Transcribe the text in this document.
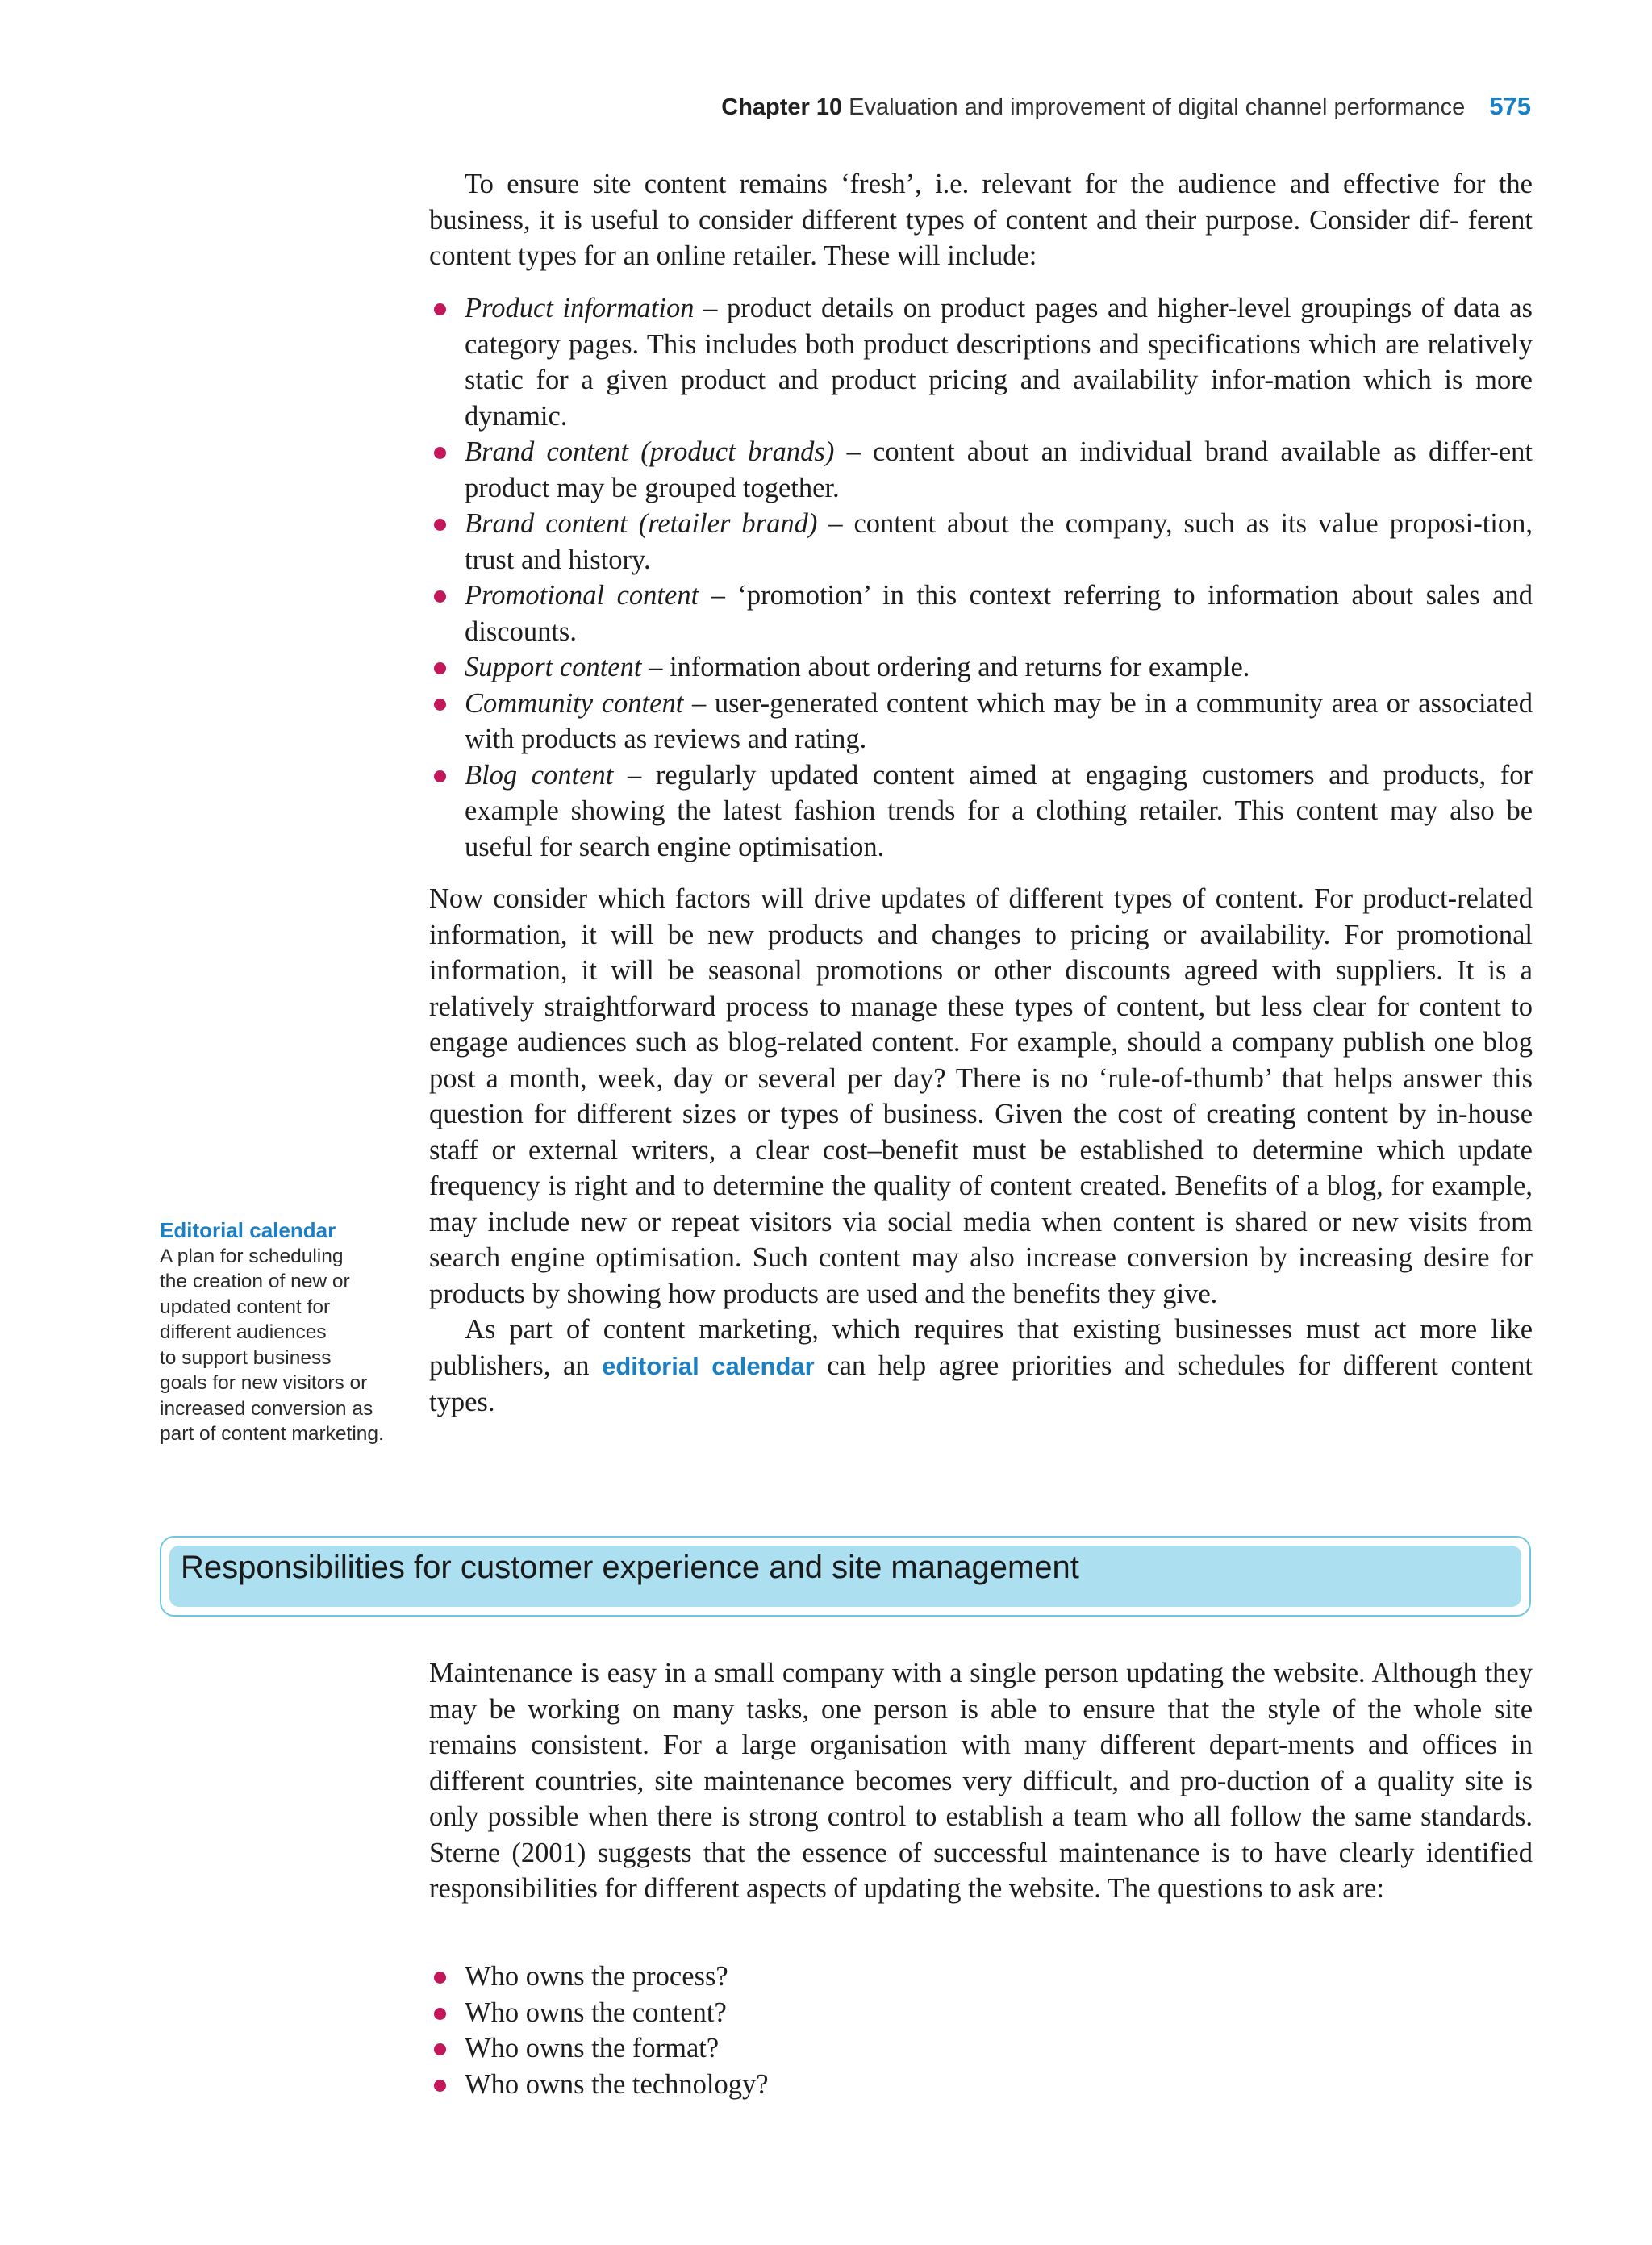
Chapter 10 Evaluation and improvement of digital channel performance 575

To ensure site content remains ‘fresh’, i.e. relevant for the audience and effective for the business, it is useful to consider different types of content and their purpose. Consider dif- ferent content types for an online retailer. These will include:

Product information – product details on product pages and higher-level groupings of data as category pages. This includes both product descriptions and specifications which are relatively static for a given product and product pricing and availability infor-mation which is more dynamic.
Brand content (product brands) – content about an individual brand available as differ-ent product may be grouped together.
Brand content (retailer brand) – content about the company, such as its value proposi-tion, trust and history.
Promotional content – ‘promotion’ in this context referring to information about sales and discounts.
Support content – information about ordering and returns for example.
Community content – user-generated content which may be in a community area or associated with products as reviews and rating.
Blog content – regularly updated content aimed at engaging customers and products, for example showing the latest fashion trends for a clothing retailer. This content may also be useful for search engine optimisation.

Now consider which factors will drive updates of different types of content. For product-related information, it will be new products and changes to pricing or availability. For promotional information, it will be seasonal promotions or other discounts agreed with suppliers. It is a relatively straightforward process to manage these types of content, but less clear for content to engage audiences such as blog-related content. For example, should a company publish one blog post a month, week, day or several per day? There is no ‘rule-of-thumb’ that helps answer this question for different sizes or types of business. Given the cost of creating content by in-house staff or external writers, a clear cost–benefit must be established to determine which update frequency is right and to determine the quality of content created. Benefits of a blog, for example, may include new or repeat visitors via social media when content is shared or new visits from search engine optimisation. Such content may also increase conversion by increasing desire for products by showing how products are used and the benefits they give.

As part of content marketing, which requires that existing businesses must act more like publishers, an editorial calendar can help agree priorities and schedules for different content types.

Editorial calendar
A plan for scheduling
the creation of new or
updated content for
different audiences
to support business
goals for new visitors or
increased conversion as
part of content marketing.
Responsibilities for customer experience and site management

Maintenance is easy in a small company with a single person updating the website. Although they may be working on many tasks, one person is able to ensure that the style of the whole site remains consistent. For a large organisation with many different depart-ments and offices in different countries, site maintenance becomes very difficult, and pro-duction of a quality site is only possible when there is strong control to establish a team who all follow the same standards. Sterne (2001) suggests that the essence of successful maintenance is to have clearly identified responsibilities for different aspects of updating the website. The questions to ask are:

Who owns the process?
Who owns the content?
Who owns the format?
Who owns the technology?
